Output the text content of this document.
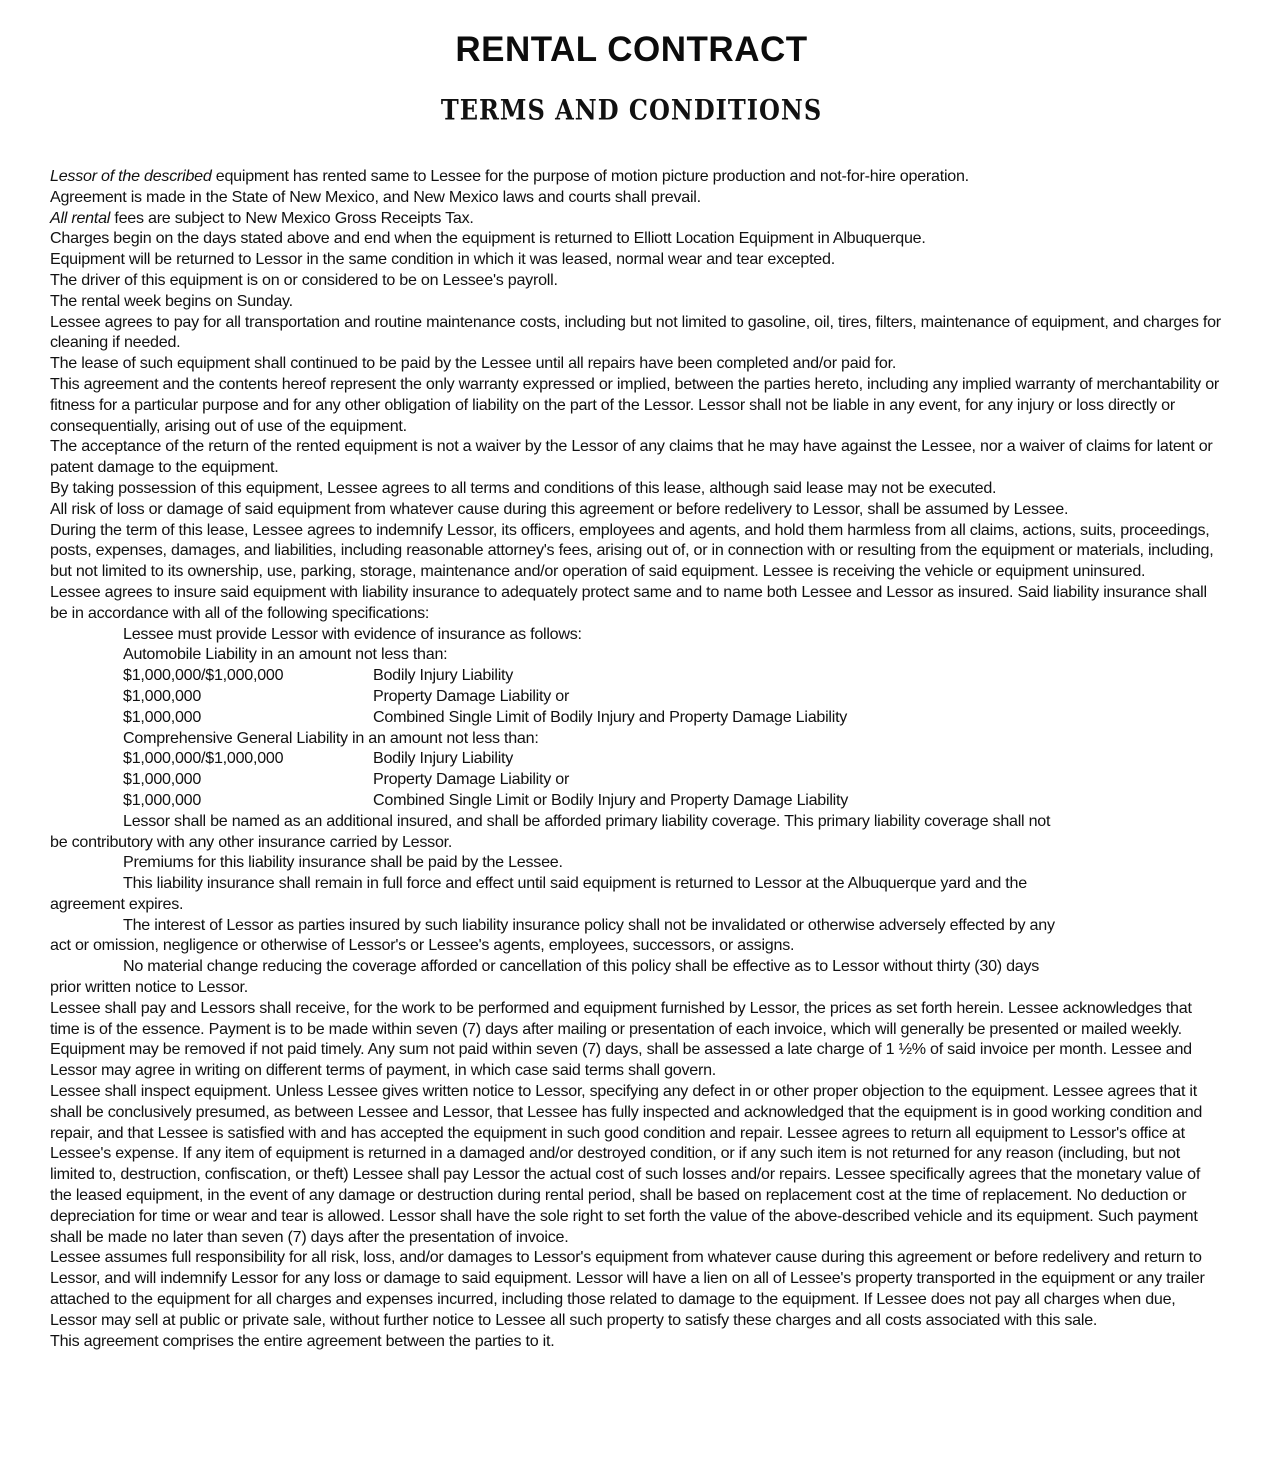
RENTAL CONTRACT
TERMS AND CONDITIONS

Lessor of the described equipment has rented same to Lessee for the purpose of motion picture production and not-for-hire operation.

Agreement is made in the State of New Mexico, and New Mexico laws and courts shall prevail.

All rental fees are subject to New Mexico Gross Receipts Tax.

Charges begin on the days stated above and end when the equipment is returned to Elliott Location Equipment in Albuquerque.

Equipment will be returned to Lessor in the same condition in which it was leased, normal wear and tear excepted.

The driver of this equipment is on or considered to be on Lessee's payroll.

The rental week begins on Sunday.

Lessee agrees to pay for all transportation and routine maintenance costs, including but not limited to gasoline, oil, tires, filters, maintenance of equipment, and charges for cleaning if needed.

The lease of such equipment shall continued to be paid by the Lessee until all repairs have been completed and/or paid for.

This agreement and the contents hereof represent the only warranty expressed or implied, between the parties hereto, including any implied warranty of merchantability or fitness for a particular purpose and for any other obligation of liability on the part of the Lessor. Lessor shall not be liable in any event, for any injury or loss directly or consequentially, arising out of use of the equipment.

The acceptance of the return of the rented equipment is not a waiver by the Lessor of any claims that he may have against the Lessee, nor a waiver of claims for latent or patent damage to the equipment.

By taking possession of this equipment, Lessee agrees to all terms and conditions of this lease, although said lease may not be executed.

All risk of loss or damage of said equipment from whatever cause during this agreement or before redelivery to Lessor, shall be assumed by Lessee.

During the term of this lease, Lessee agrees to indemnify Lessor, its officers, employees and agents, and hold them harmless from all claims, actions, suits, proceedings, posts, expenses, damages, and liabilities, including reasonable attorney's fees, arising out of, or in connection with or resulting from the equipment or materials, including, but not limited to its ownership, use, parking, storage, maintenance and/or operation of said equipment. Lessee is receiving the vehicle or equipment uninsured.

Lessee agrees to insure said equipment with liability insurance to adequately protect same and to name both Lessee and Lessor as insured. Said liability insurance shall be in accordance with all of the following specifications:

Lessee must provide Lessor with evidence of insurance as follows:

Automobile Liability in an amount not less than:

$1,000,000/$1,000,000	Bodily Injury Liability
$1,000,000	Property Damage Liability or
$1,000,000	Combined Single Limit of Bodily Injury and Property Damage Liability

Comprehensive General Liability in an amount not less than:

$1,000,000/$1,000,000	Bodily Injury Liability
$1,000,000	Property Damage Liability or
$1,000,000	Combined Single Limit or Bodily Injury and Property Damage Liability

Lessor shall be named as an additional insured, and shall be afforded primary liability coverage. This primary liability coverage shall not

be contributory with any other insurance carried by Lessor.

Premiums for this liability insurance shall be paid by the Lessee.

This liability insurance shall remain in full force and effect until said equipment is returned to Lessor at the Albuquerque yard and the

agreement expires.

The interest of Lessor as parties insured by such liability insurance policy shall not be invalidated or otherwise adversely effected by any

act or omission, negligence or otherwise of Lessor's or Lessee's agents, employees, successors, or assigns.

No material change reducing the coverage afforded or cancellation of this policy shall be effective as to Lessor without thirty (30) days

prior written notice to Lessor.

Lessee shall pay and Lessors shall receive, for the work to be performed and equipment furnished by Lessor, the prices as set forth herein. Lessee acknowledges that time is of the essence. Payment is to be made within seven (7) days after mailing or presentation of each invoice, which will generally be presented or mailed weekly. Equipment may be removed if not paid timely. Any sum not paid within seven (7) days, shall be assessed a late charge of 1 ½% of said invoice per month. Lessee and Lessor may agree in writing on different terms of payment, in which case said terms shall govern.

Lessee shall inspect equipment. Unless Lessee gives written notice to Lessor, specifying any defect in or other proper objection to the equipment. Lessee agrees that it shall be conclusively presumed, as between Lessee and Lessor, that Lessee has fully inspected and acknowledged that the equipment is in good working condition and repair, and that Lessee is satisfied with and has accepted the equipment in such good condition and repair. Lessee agrees to return all equipment to Lessor's office at Lessee's expense. If any item of equipment is returned in a damaged and/or destroyed condition, or if any such item is not returned for any reason (including, but not limited to, destruction, confiscation, or theft) Lessee shall pay Lessor the actual cost of such losses and/or repairs. Lessee specifically agrees that the monetary value of the leased equipment, in the event of any damage or destruction during rental period, shall be based on replacement cost at the time of replacement. No deduction or depreciation for time or wear and tear is allowed. Lessor shall have the sole right to set forth the value of the above-described vehicle and its equipment. Such payment shall be made no later than seven (7) days after the presentation of invoice.

Lessee assumes full responsibility for all risk, loss, and/or damages to Lessor's equipment from whatever cause during this agreement or before redelivery and return to Lessor, and will indemnify Lessor for any loss or damage to said equipment. Lessor will have a lien on all of Lessee's property transported in the equipment or any trailer attached to the equipment for all charges and expenses incurred, including those related to damage to the equipment. If Lessee does not pay all charges when due, Lessor may sell at public or private sale, without further notice to Lessee all such property to satisfy these charges and all costs associated with this sale.

This agreement comprises the entire agreement between the parties to it.
